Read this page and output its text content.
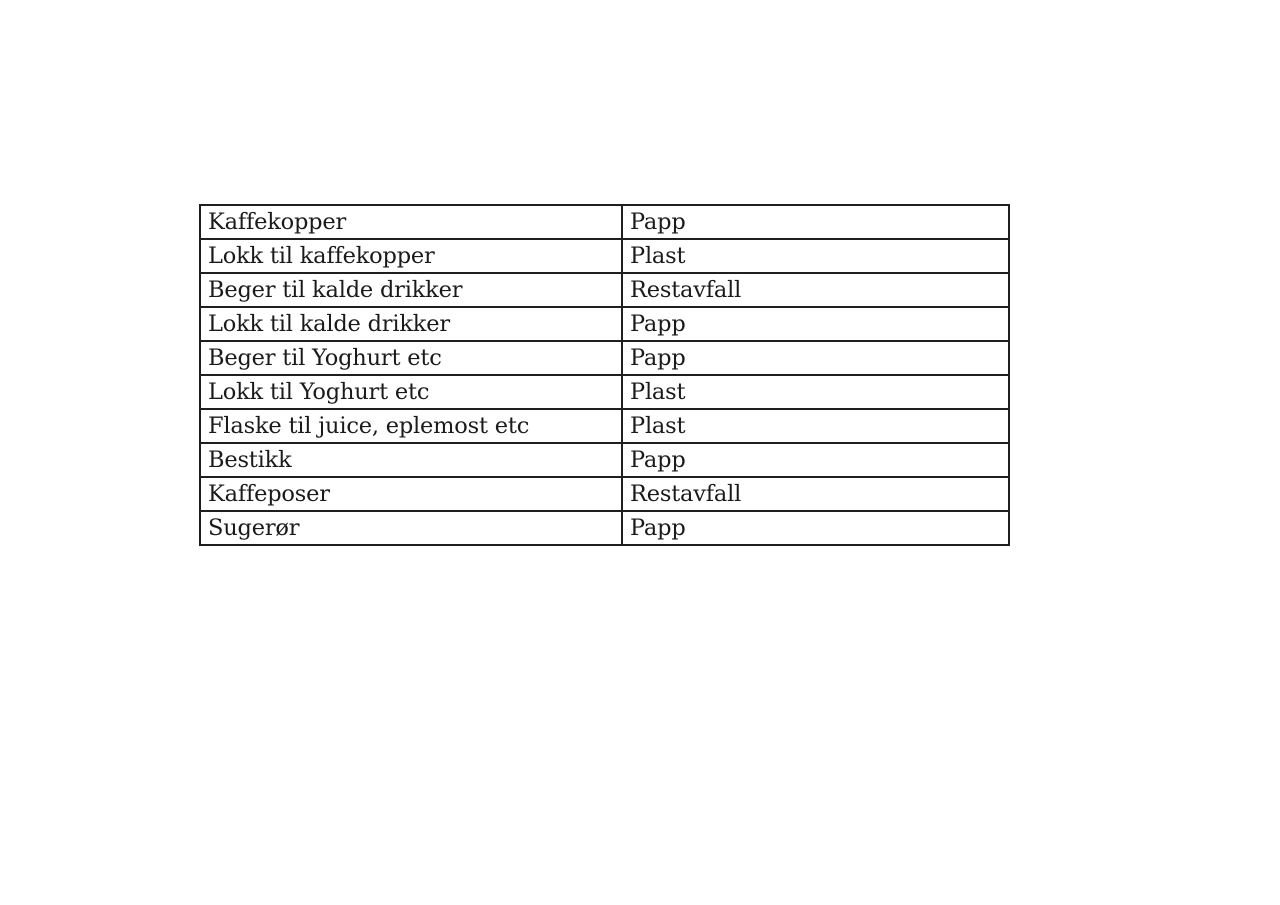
Kaffekopper	Papp
Lokk til kaffekopper	Plast
Beger til kalde drikker	Restavfall
Lokk til kalde drikker	Papp
Beger til Yoghurt etc	Papp
Lokk til Yoghurt etc	Plast
Flaske til juice, eplemost etc	Plast
Bestikk	Papp
Kaffeposer	Restavfall
Sugerør	Papp
